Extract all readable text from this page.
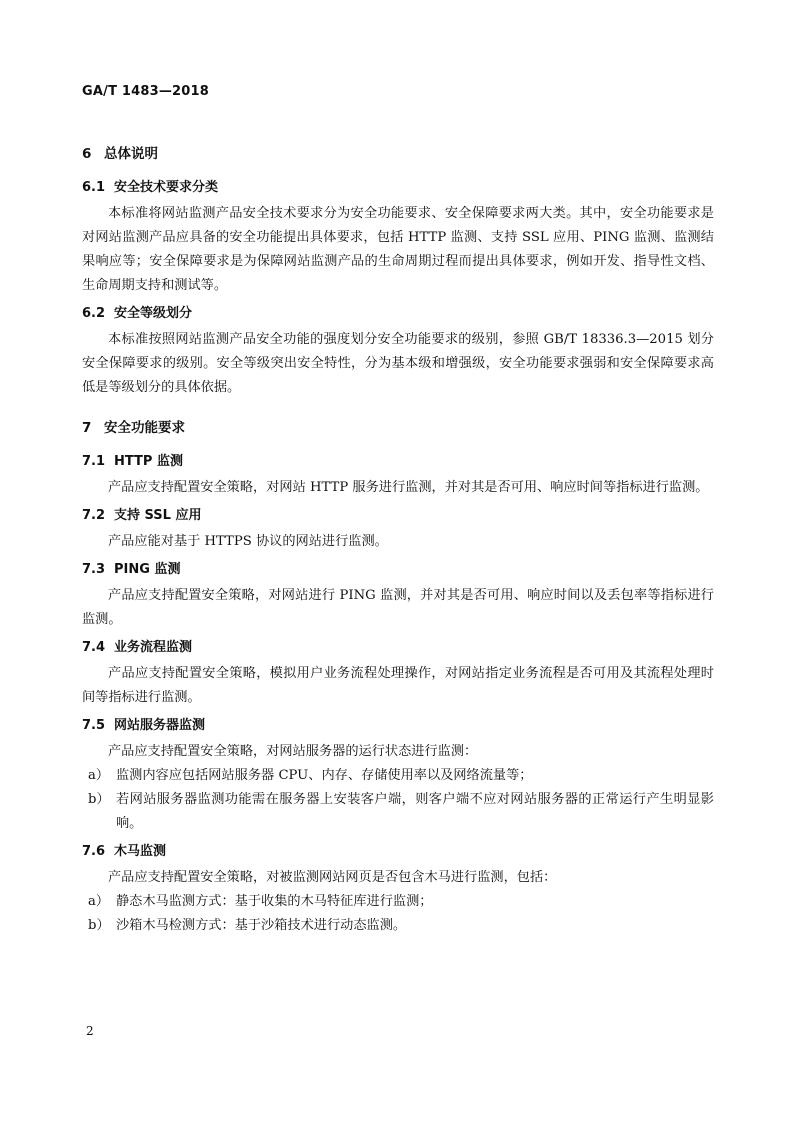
GA/T 1483—2018
6 总体说明
6.1 安全技术要求分类
本标准将网站监测产品安全技术要求分为安全功能要求、安全保障要求两大类。其中，安全功能要求是对网站监测产品应具备的安全功能提出具体要求，包括 HTTP 监测、支持 SSL 应用、PING 监测、监测结果响应等；安全保障要求是为保障网站监测产品的生命周期过程而提出具体要求，例如开发、指导性文档、生命周期支持和测试等。
6.2 安全等级划分
本标准按照网站监测产品安全功能的强度划分安全功能要求的级别，参照 GB/T 18336.3—2015 划分安全保障要求的级别。安全等级突出安全特性，分为基本级和增强级，安全功能要求强弱和安全保障要求高低是等级划分的具体依据。
7 安全功能要求
7.1 HTTP 监测
产品应支持配置安全策略，对网站 HTTP 服务进行监测，并对其是否可用、响应时间等指标进行监测。
7.2 支持 SSL 应用
产品应能对基于 HTTPS 协议的网站进行监测。
7.3 PING 监测
产品应支持配置安全策略，对网站进行 PING 监测，并对其是否可用、响应时间以及丢包率等指标进行监测。
7.4 业务流程监测
产品应支持配置安全策略，模拟用户业务流程处理操作，对网站指定业务流程是否可用及其流程处理时间等指标进行监测。
7.5 网站服务器监测
产品应支持配置安全策略，对网站服务器的运行状态进行监测：
a） 监测内容应包括网站服务器 CPU、内存、存储使用率以及网络流量等；
b） 若网站服务器监测功能需在服务器上安装客户端，则客户端不应对网站服务器的正常运行产生明显影响。
7.6 木马监测
产品应支持配置安全策略，对被监测网站网页是否包含木马进行监测，包括：
a） 静态木马监测方式：基于收集的木马特征库进行监测；
b） 沙箱木马检测方式：基于沙箱技术进行动态监测。
2
